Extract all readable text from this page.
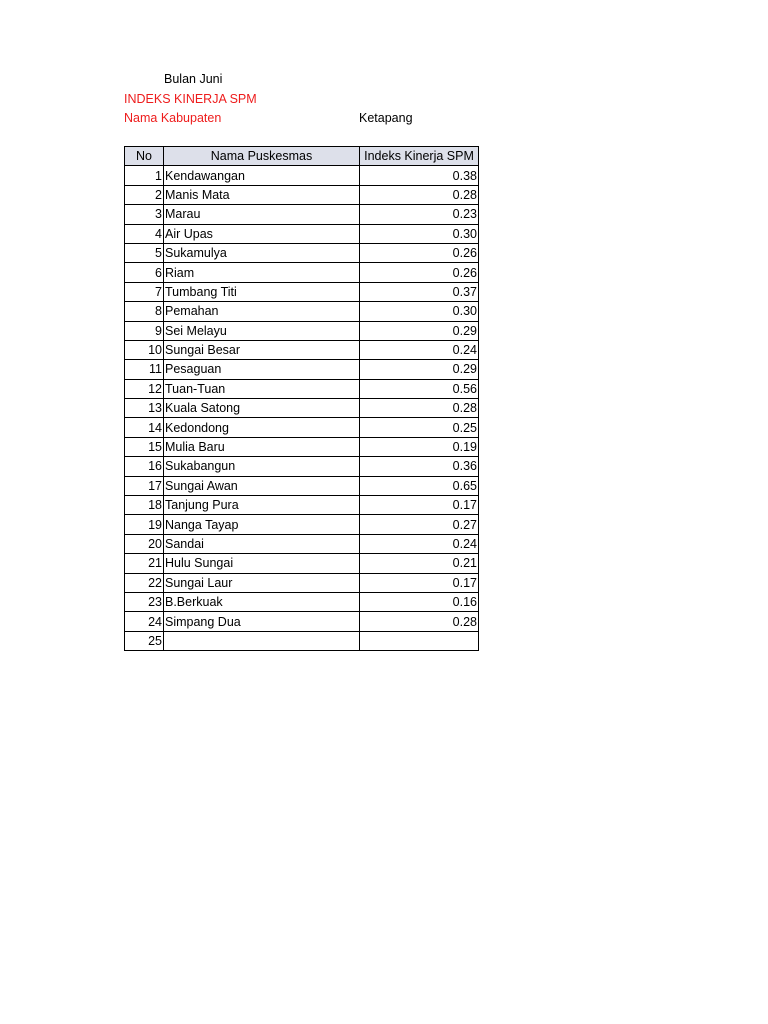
Bulan Juni
INDEKS KINERJA SPM
Nama Kabupaten	Ketapang
No	Nama Puskesmas	Indeks Kinerja SPM
1	Kendawangan	0.38
2	Manis Mata	0.28
3	Marau	0.23
4	Air Upas	0.30
5	Sukamulya	0.26
6	Riam	0.26
7	Tumbang Titi	0.37
8	Pemahan	0.30
9	Sei Melayu	0.29
10	Sungai Besar	0.24
11	Pesaguan	0.29
12	Tuan-Tuan	0.56
13	Kuala Satong	0.28
14	Kedondong	0.25
15	Mulia Baru	0.19
16	Sukabangun	0.36
17	Sungai Awan	0.65
18	Tanjung Pura	0.17
19	Nanga Tayap	0.27
20	Sandai	0.24
21	Hulu Sungai	0.21
22	Sungai Laur	0.17
23	B.Berkuak	0.16
24	Simpang Dua	0.28
25		
